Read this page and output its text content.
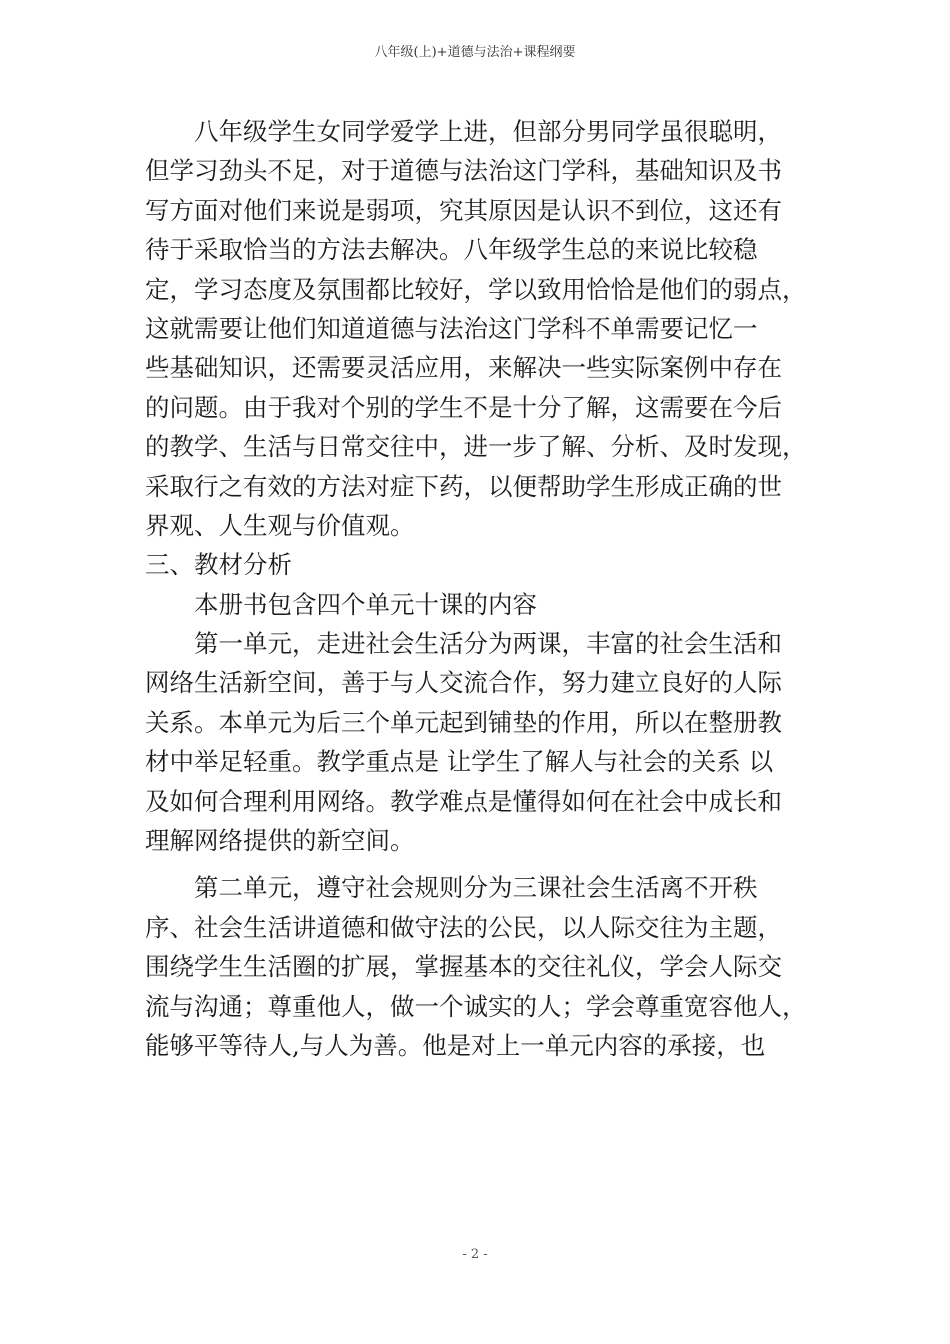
八年级(上)+道德与法治+课程纲要
八年级学生女同学爱学上进，但部分男同学虽很聪明，
但学习劲头不足，对于道德与法治这门学科，基础知识及书
写方面对他们来说是弱项，究其原因是认识不到位，这还有
待于采取恰当的方法去解决。八年级学生总的来说比较稳
定，学习态度及氛围都比较好，学以致用恰恰是他们的弱点，
这就需要让他们知道道德与法治这门学科不单需要记忆一
些基础知识，还需要灵活应用，来解决一些实际案例中存在
的问题。由于我对个别的学生不是十分了解，这需要在今后
的教学、生活与日常交往中，进一步了解、分析、及时发现，
采取行之有效的方法对症下药，以便帮助学生形成正确的世
界观、人生观与价值观。
三、教材分析
本册书包含四个单元十课的内容
第一单元，走进社会生活分为两课，丰富的社会生活和
网络生活新空间，善于与人交流合作，努力建立良好的人际
关系。本单元为后三个单元起到铺垫的作用，所以在整册教
材中举足轻重。教学重点是 让学生了解人与社会的关系 以
及如何合理利用网络。教学难点是懂得如何在社会中成长和
理解网络提供的新空间。
第二单元，遵守社会规则分为三课社会生活离不开秩
序、社会生活讲道德和做守法的公民，以人际交往为主题，
围绕学生生活圈的扩展，掌握基本的交往礼仪，学会人际交
流与沟通；尊重他人，做一个诚实的人；学会尊重宽容他人，
能够平等待人,与人为善。他是对上一单元内容的承接，也
- 2 -
